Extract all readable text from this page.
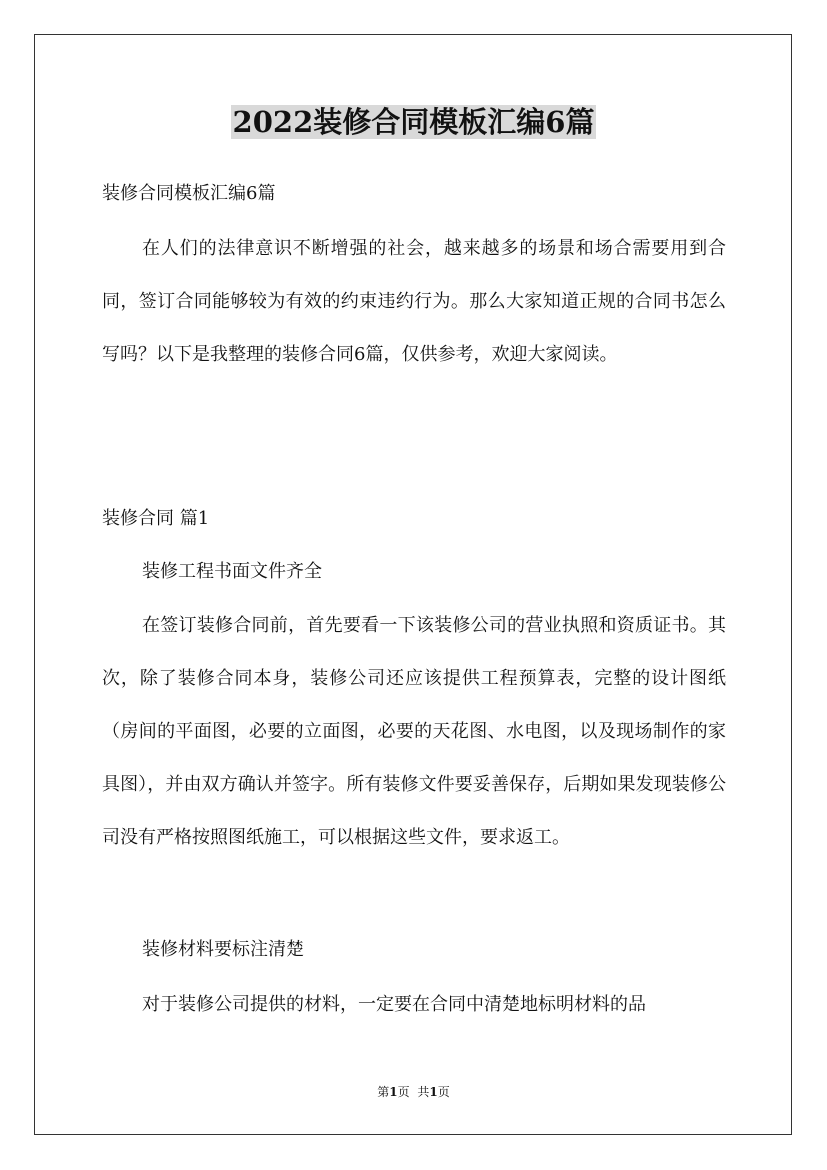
2022装修合同模板汇编6篇

装修合同模板汇编6篇

在人们的法律意识不断增强的社会，越来越多的场景和场合需要用到合同，签订合同能够较为有效的约束违约行为。那么大家知道正规的合同书怎么写吗？以下是我整理的装修合同6篇，仅供参考，欢迎大家阅读。

装修合同 篇1

装修工程书面文件齐全

在签订装修合同前，首先要看一下该装修公司的营业执照和资质证书。其次，除了装修合同本身，装修公司还应该提供工程预算表，完整的设计图纸（房间的平面图，必要的立面图，必要的天花图、水电图，以及现场制作的家具图），并由双方确认并签字。所有装修文件要妥善保存，后期如果发现装修公司没有严格按照图纸施工，可以根据这些文件，要求返工。

装修材料要标注清楚

对于装修公司提供的材料，一定要在合同中清楚地标明材料的品

第1页 共1页
